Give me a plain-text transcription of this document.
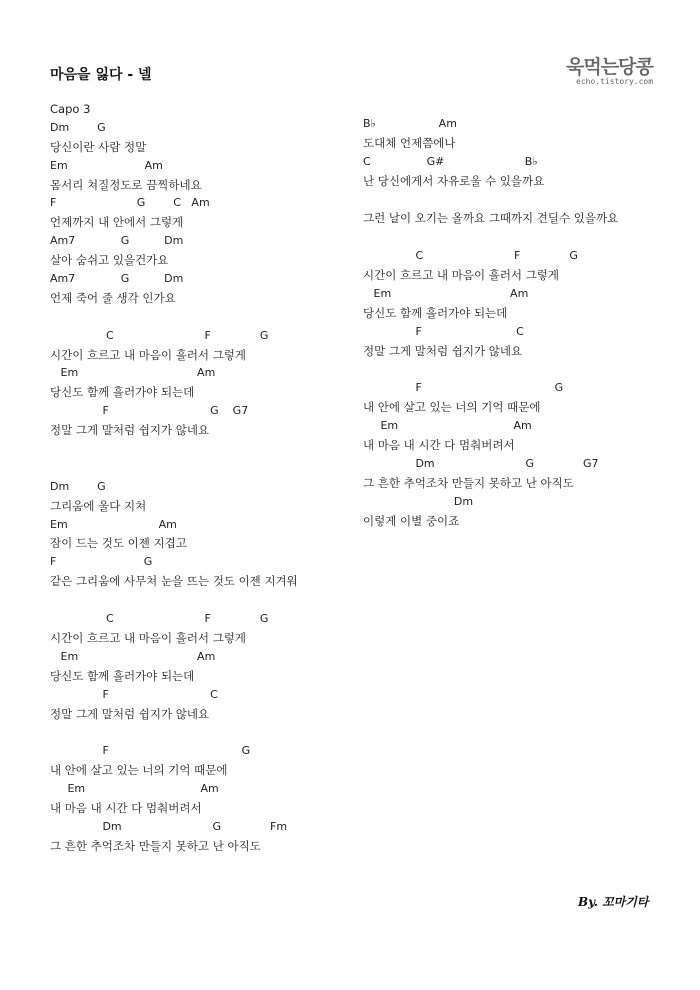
마음을 잃다 - 넬	욱먹는당콩
echo.tistory.com
Capo 3
Dm        G
당신이란 사람 정말
Em                      Am
몸서리 쳐질정도로 끔찍하네요
F                       G        C   Am
언제까지 내 안에서 그렇게
Am7             G          Dm
살아 숨쉬고 있을건가요
Am7             G          Dm
언제 죽어 줄 생각 인가요
C                          F              G
시간이 흐르고 내 마음이 흘러서 그렇게
Em                                  Am
당신도 함께 흘러가야 되는데
F                             G    G7
정말 그게 말처럼 쉽지가 않네요
Dm        G
그리움에 울다 지쳐
Em                          Am
잠이 드는 것도 이젠 지겹고
F                         G
같은 그리움에 사무쳐 눈을 뜨는 것도 이젠 지겨워
C                          F              G
시간이 흐르고 내 마음이 흘러서 그렇게
Em                                  Am
당신도 함께 흘러가야 되는데
F                             C
정말 그게 말처럼 쉽지가 않네요
F                                      G
내 안에 살고 있는 너의 기억 때문에
Em                                 Am
내 마음 내 시간 다 멈춰버려서
Dm                          G              Fm
그 흔한 추억조차 만들지 못하고 난 아직도
B♭                  Am
도대체 언제쯤에나
C                G#                       B♭
난 당신에게서 자유로울 수 있을까요
그런 날이 오기는 올까요 그때까지 견딜수 있을까요
C                          F              G
시간이 흐르고 내 마음이 흘러서 그렇게
Em                                  Am
당신도 함께 흘러가야 되는데
F                           C
정말 그게 말처럼 쉽지가 않네요
F                                      G
내 안에 살고 있는 너의 기억 때문에
Em                                 Am
내 마음 내 시간 다 멈춰버려서
Dm                          G              G7
그 흔한 추억조차 만들지 못하고 난 아직도
Dm
이렇게 이별 중이죠
By. 꼬마기타
